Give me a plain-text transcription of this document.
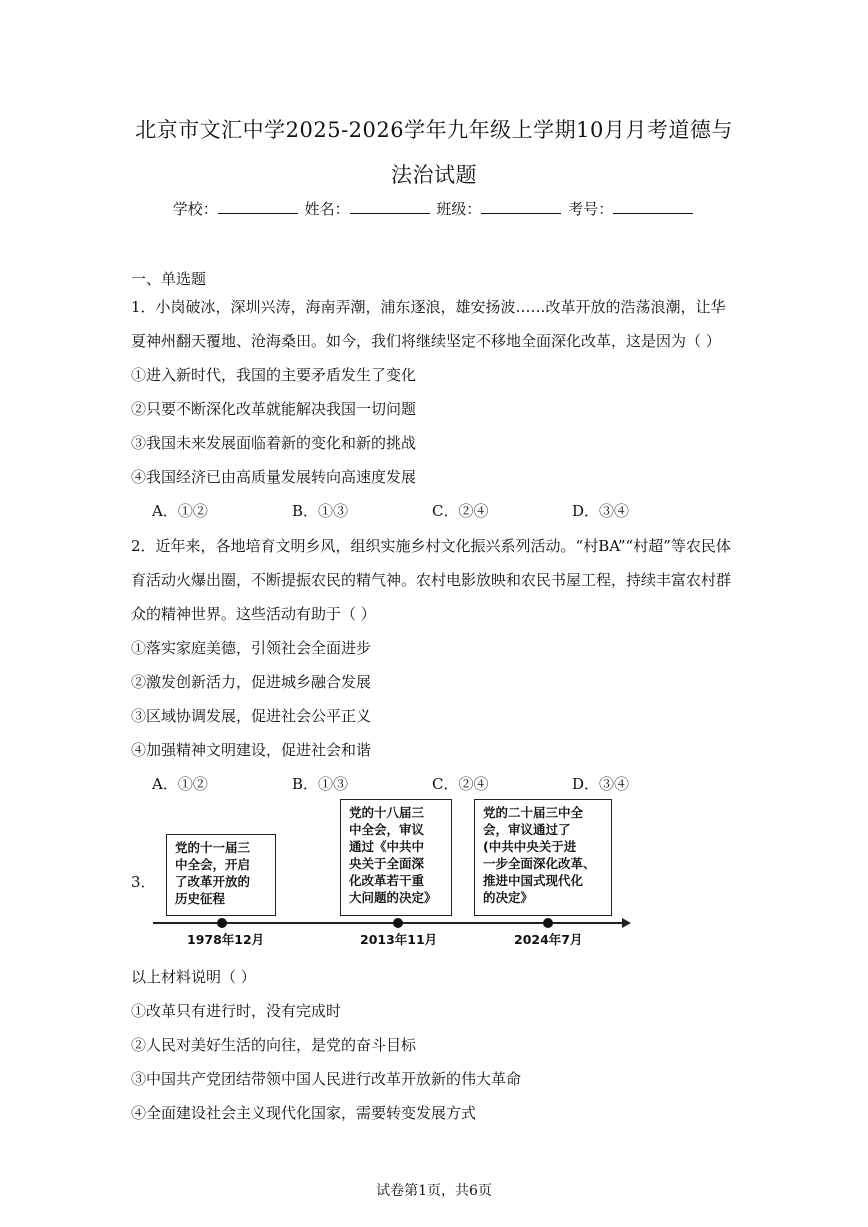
北京市文汇中学2025-2026学年九年级上学期10月月考道德与
法治试题
学校：	姓名：	班级：	考号：
一、单选题
1．小岗破冰，深圳兴涛，海南弄潮，浦东逐浪，雄安扬波……改革开放的浩荡浪潮，让华
夏神州翻天覆地、沧海桑田。如今，我们将继续坚定不移地全面深化改革，这是因为（ ）
①进入新时代，我国的主要矛盾发生了变化
②只要不断深化改革就能解决我国一切问题
③我国未来发展面临着新的变化和新的挑战
④我国经济已由高质量发展转向高速度发展
A．①②	B．①③	C．②④	D．③④
2．近年来，各地培育文明乡风，组织实施乡村文化振兴系列活动。“村BA”“村超”等农民体
育活动火爆出圈，不断提振农民的精气神。农村电影放映和农民书屋工程，持续丰富农村群
众的精神世界。这些活动有助于（ ）
①落实家庭美德，引领社会全面进步
②激发创新活力，促进城乡融合发展
③区域协调发展，促进社会公平正义
④加强精神文明建设，促进社会和谐
A．①②	B．①③	C．②④	D．③④
3．
党的十一届三
中全会，开启
了改革开放的
历史征程
党的十八届三
中全会，审议
通过《中共中
央关于全面深
化改革若干重
大问题的决定》
党的二十届三中全
会，审议通过了
(中共中央关于进
一步全面深化改革、
推进中国式现代化
的决定》
1978年12月	2013年11月	2024年7月
以上材料说明（ ）
①改革只有进行时，没有完成时
②人民对美好生活的向往，是党的奋斗目标
③中国共产党团结带领中国人民进行改革开放新的伟大革命
④全面建设社会主义现代化国家，需要转变发展方式
试卷第1页，共6页
